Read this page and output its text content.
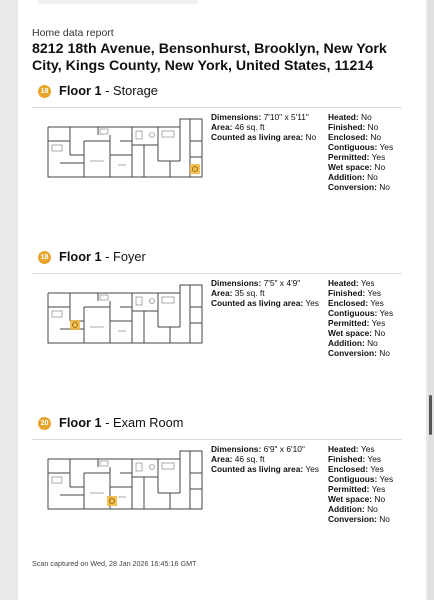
Home data report
8212 18th Avenue, Bensonhurst, Brooklyn, New York City, Kings County, New York, United States, 11214
18 Floor 1 - Storage
Dimensions: 7'10" x 5'11"
Area: 46 sq. ft
Counted as living area: No
Heated: No
Finished: No
Enclosed: No
Contiguous: Yes
Permitted: Yes
Wet space: No
Addition: No
Conversion: No
19 Floor 1 - Foyer
Dimensions: 7'5" x 4'9"
Area: 35 sq. ft
Counted as living area: Yes
Heated: Yes
Finished: Yes
Enclosed: Yes
Contiguous: Yes
Permitted: Yes
Wet space: No
Addition: No
Conversion: No
20 Floor 1 - Exam Room
Dimensions: 6'9" x 6'10"
Area: 46 sq. ft
Counted as living area: Yes
Heated: Yes
Finished: Yes
Enclosed: Yes
Contiguous: Yes
Permitted: Yes
Wet space: No
Addition: No
Conversion: No
Scan captured on Wed, 28 Jan 2026 16:45:16 GMT
